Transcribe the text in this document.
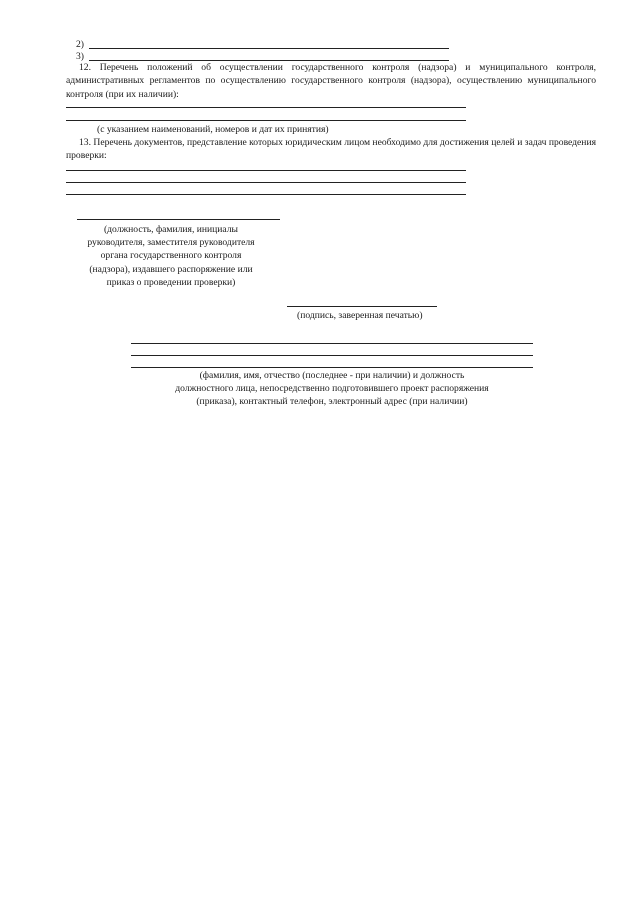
2)
3)
12. Перечень положений об осуществлении государственного контроля (надзора) и муниципального контроля, административных регламентов по осуществлению государственного контроля (надзора), осуществлению муниципального контроля (при их наличии):
(с указанием наименований, номеров и дат их принятия)
13. Перечень документов, представление которых юридическим лицом необходимо для достижения целей и задач проведения проверки:
(должность, фамилия, инициалы
руководителя, заместителя руководителя
органа государственного контроля
(надзора), издавшего распоряжение или
приказ о проведении проверки)
(подпись, заверенная печатью)
(фамилия, имя, отчество (последнее - при наличии) и должность
должностного лица, непосредственно подготовившего проект распоряжения
(приказа), контактный телефон, электронный адрес (при наличии)
